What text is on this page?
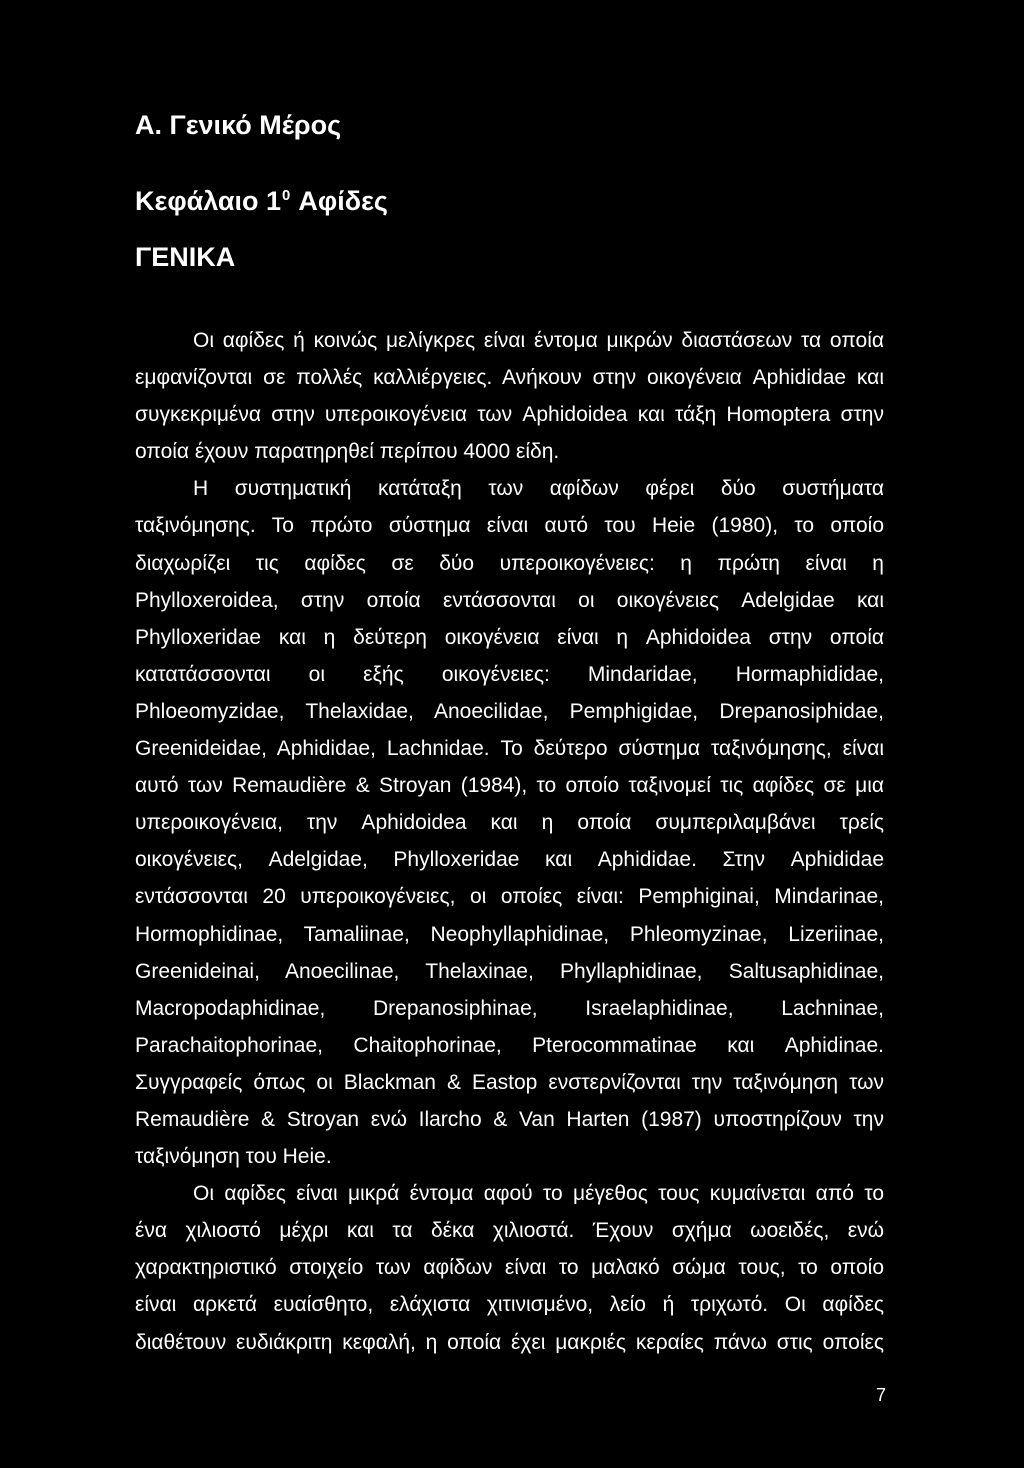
Α. Γενικό Μέρος
Κεφάλαιο $1^0$ Αφίδες
ΓΕΝΙΚΑ
Οι αφίδες ή κοινώς μελίγκρες είναι έντομα μικρών διαστάσεων τα οποία
εμφανίζονται σε πολλές καλλιέργειες. Ανήκουν στην οικογένεια Aphididae και
συγκεκριμένα στην υπεροικογένεια των Aphidoidea και τάξη Homoptera στην
οποία έχουν παρατηρηθεί περίπου 4000 είδη.
Η συστηματική κατάταξη των αφίδων φέρει δύο συστήματα
ταξινόμησης. Το πρώτο σύστημα είναι αυτό του Heie (1980), το οποίο
διαχωρίζει τις αφίδες σε δύο υπεροικογένειες: η πρώτη είναι η
Phylloxeroidea, στην οποία εντάσσονται οι οικογένειες Adelgidae και
Phylloxeridae και η δεύτερη οικογένεια είναι η Aphidoidea στην οποία
κατατάσσονται οι εξής οικογένειες: Mindaridae, Hormaphididae,
Phloeomyzidae, Thelaxidae, Anoecilidae, Pemphigidae, Drepanosiphidae,
Greenideidae, Aphididae, Lachnidae. Το δεύτερο σύστημα ταξινόμησης, είναι
αυτό των Remaudière & Stroyan (1984), το οποίο ταξινομεί τις αφίδες σε μια
υπεροικογένεια, την Aphidoidea και η οποία συμπεριλαμβάνει τρείς
οικογένειες, Adelgidae, Phylloxeridae και Aphididae. Στην Aphididae
εντάσσονται 20 υπεροικογένειες, οι οποίες είναι: Pemphiginai, Mindarinae,
Hormophidinae, Tamaliinae, Neophyllaphidinae, Phleomyzinae, Lizeriinae,
Greenideinai, Anoecilinae, Thelaxinae, Phyllaphidinae, Saltusaphidinae,
Macropodaphidinae, Drepanosiphinae, Israelaphidinae, Lachninae,
Parachaitophorinae, Chaitophorinae, Pterocommatinae και Aphidinae.
Συγγραφείς όπως οι Blackman & Eastop ενστερνίζονται την ταξινόμηση των
Remaudière & Stroyan ενώ Ilarcho & Van Harten (1987) υποστηρίζουν την
ταξινόμηση του Heie.
Οι αφίδες είναι μικρά έντομα αφού το μέγεθος τους κυμαίνεται από το
ένα χιλιοστό μέχρι και τα δέκα χιλιοστά. Έχουν σχήμα ωοειδές, ενώ
χαρακτηριστικό στοιχείο των αφίδων είναι το μαλακό σώμα τους, το οποίο
είναι αρκετά ευαίσθητο, ελάχιστα χιτινισμένο, λείο ή τριχωτό. Οι αφίδες
διαθέτουν ευδιάκριτη κεφαλή, η οποία έχει μακριές κεραίες πάνω στις οποίες
7
